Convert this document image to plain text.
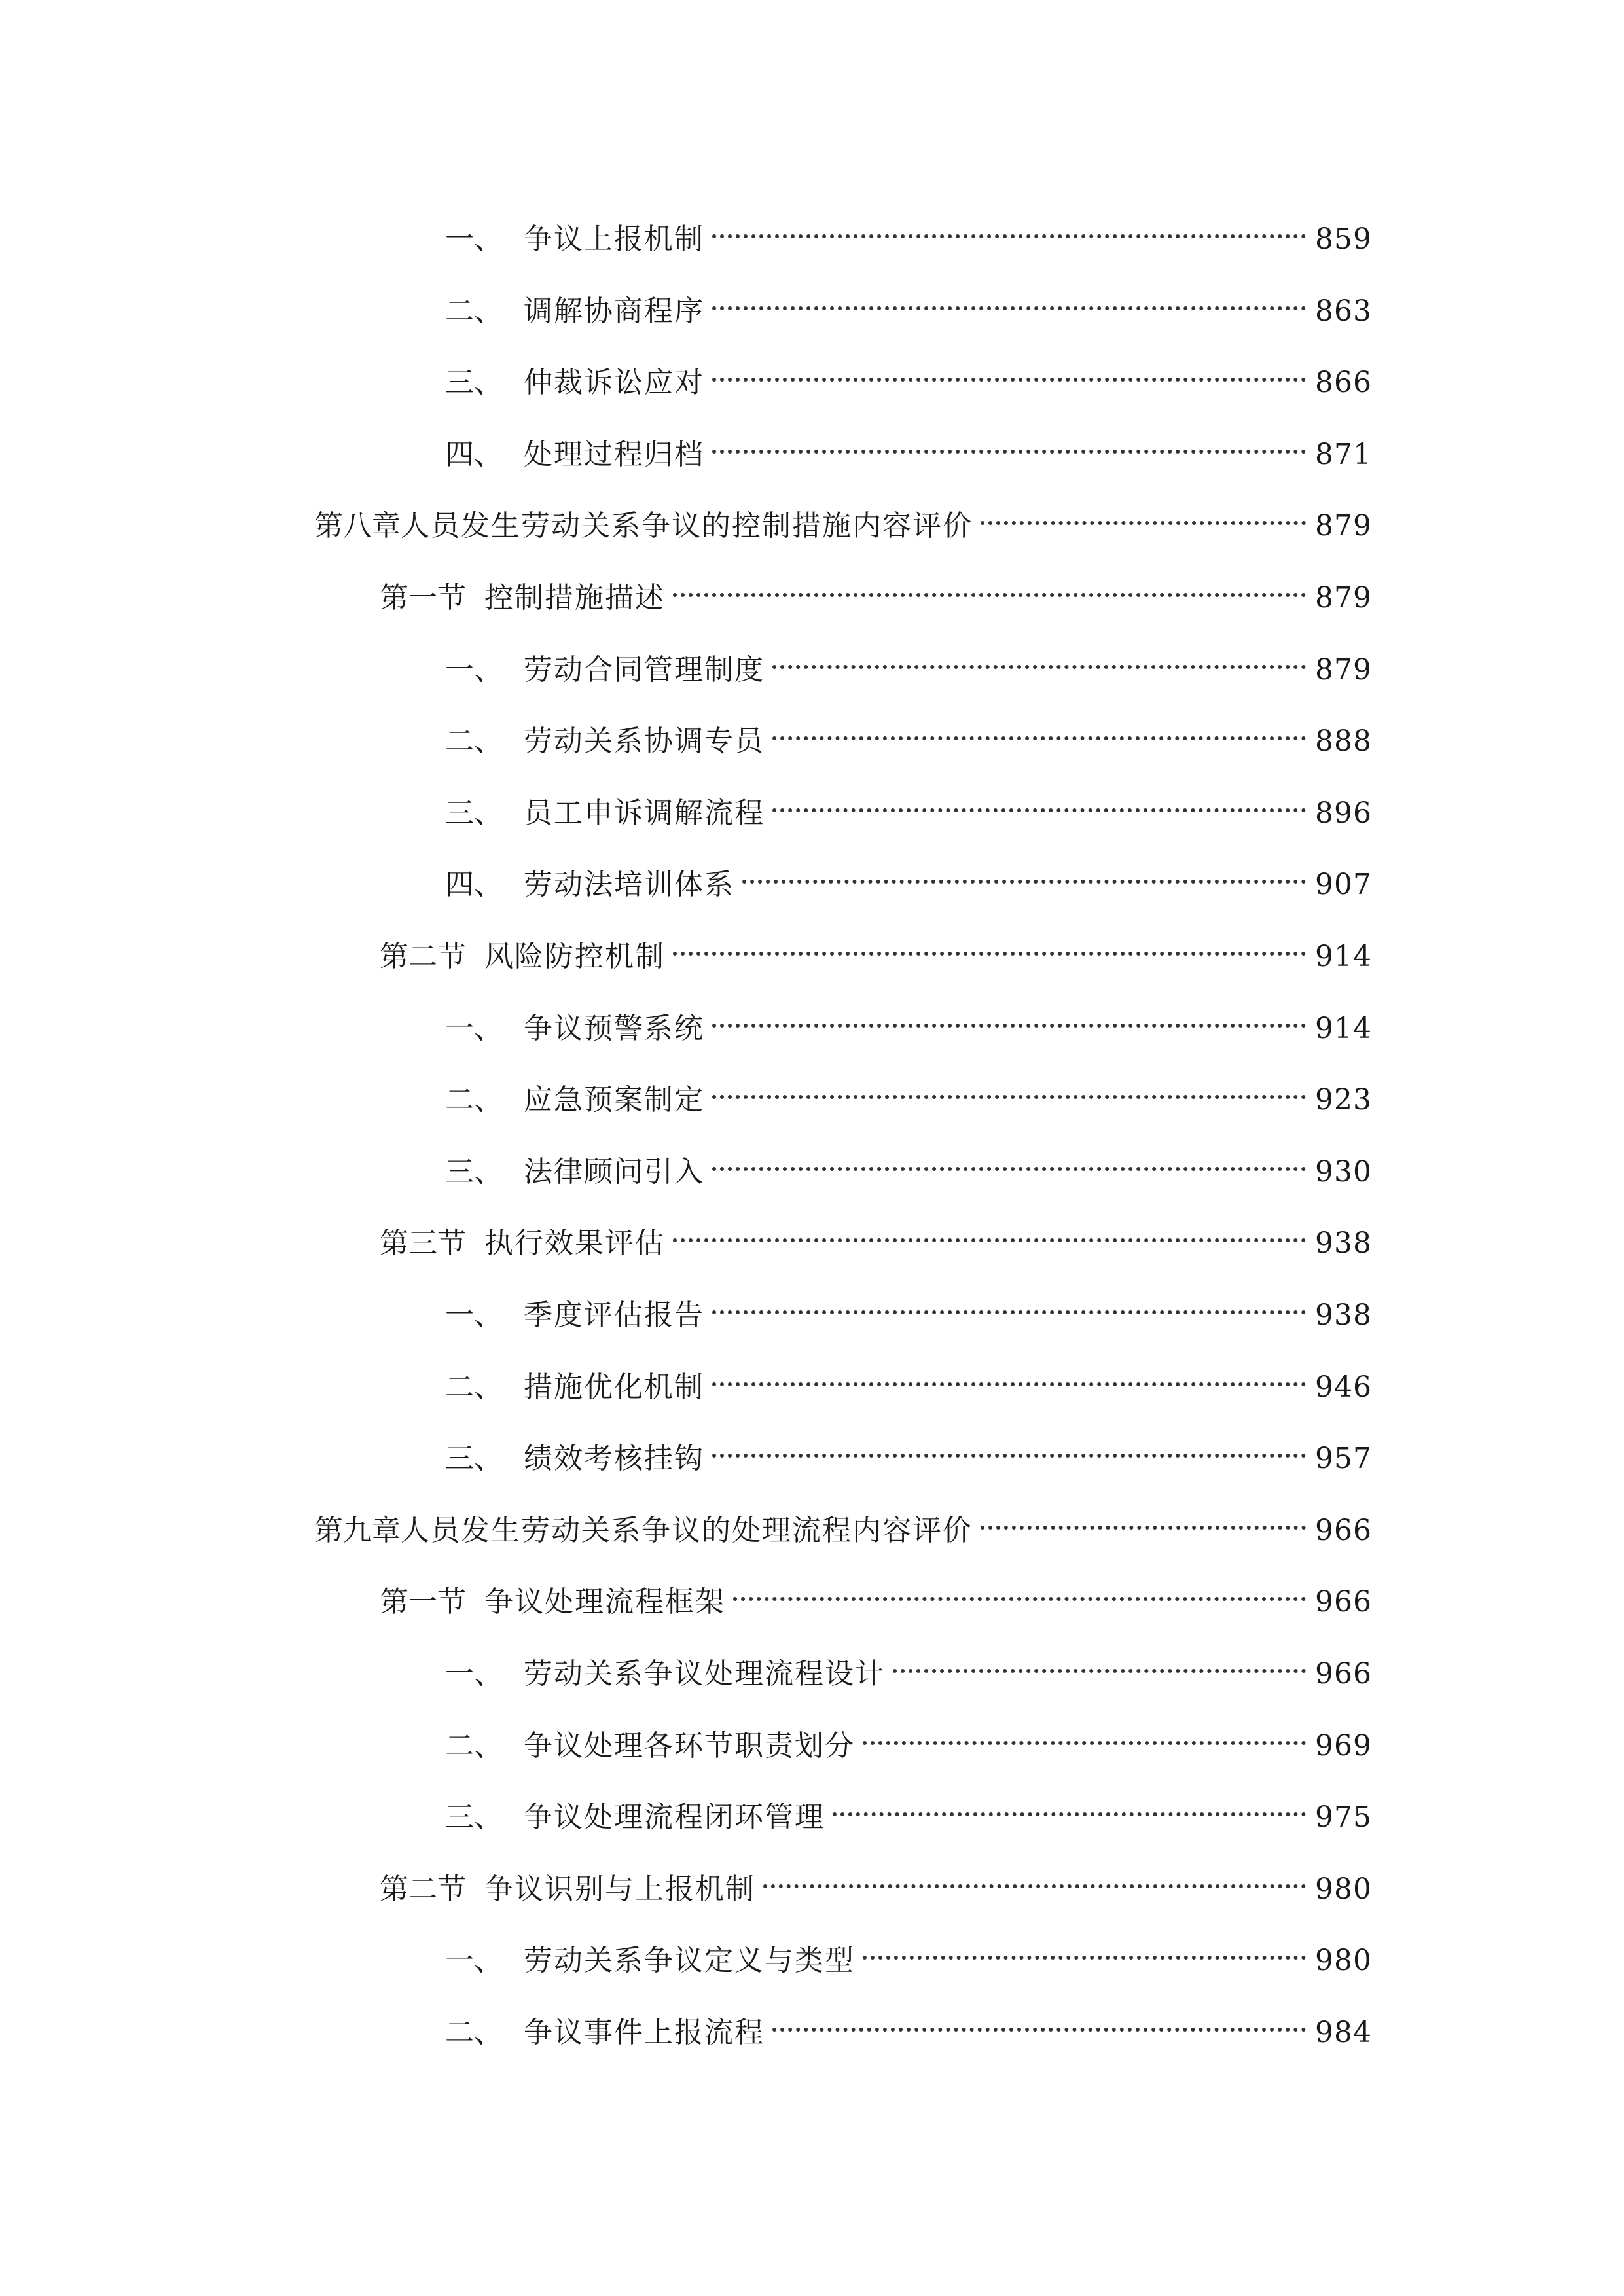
一、 争议上报机制	859
二、 调解协商程序	863
三、 仲裁诉讼应对	866
四、 处理过程归档	871
第八章 人员发生劳动关系争议的控制措施内容评价	879
第一节 控制措施描述	879
一、 劳动合同管理制度	879
二、 劳动关系协调专员	888
三、 员工申诉调解流程	896
四、 劳动法培训体系	907
第二节 风险防控机制	914
一、 争议预警系统	914
二、 应急预案制定	923
三、 法律顾问引入	930
第三节 执行效果评估	938
一、 季度评估报告	938
二、 措施优化机制	946
三、 绩效考核挂钩	957
第九章 人员发生劳动关系争议的处理流程内容评价	966
第一节 争议处理流程框架	966
一、 劳动关系争议处理流程设计	966
二、 争议处理各环节职责划分	969
三、 争议处理流程闭环管理	975
第二节 争议识别与上报机制	980
一、 劳动关系争议定义与类型	980
二、 争议事件上报流程	984
